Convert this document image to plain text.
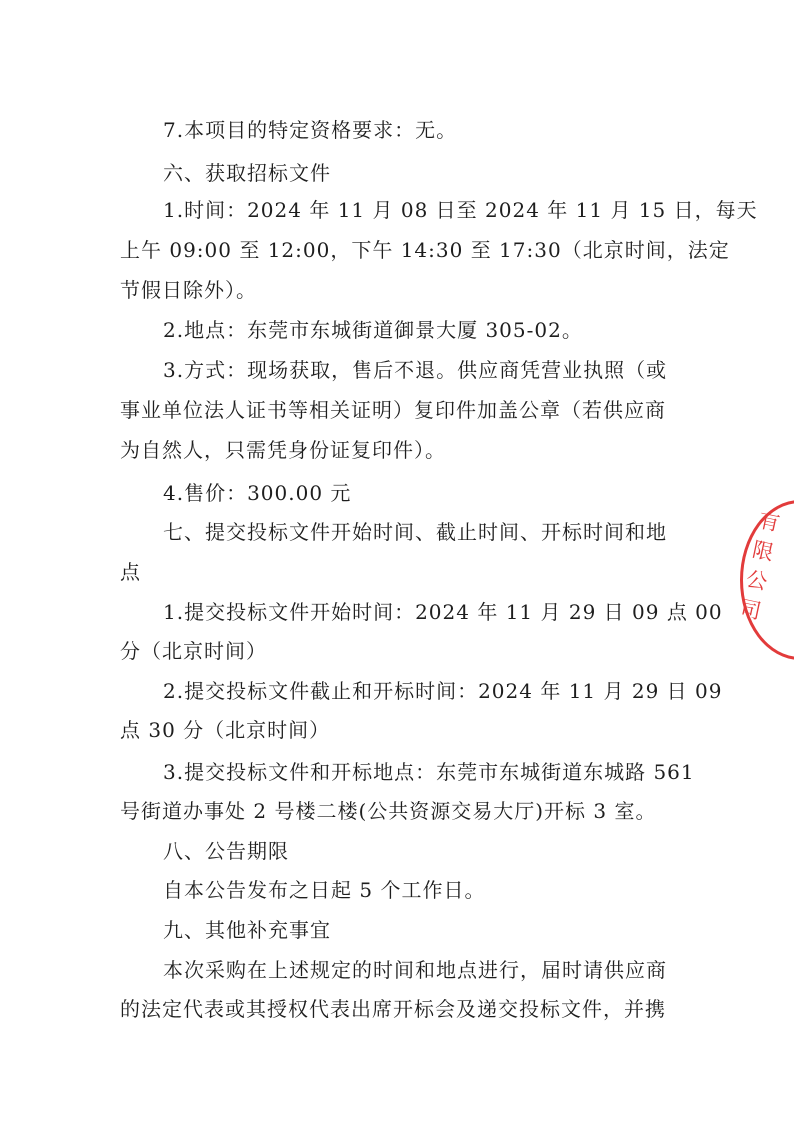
7.本项目的特定资格要求：无。
六、获取招标文件
1.时间：2024 年 11 月 08 日至 2024 年 11 月 15 日，每天
上午 09:00 至 12:00，下午 14:30 至 17:30（北京时间，法定
节假日除外）。
2.地点：东莞市东城街道御景大厦 305-02。
3.方式：现场获取，售后不退。供应商凭营业执照（或
事业单位法人证书等相关证明）复印件加盖公章（若供应商
为自然人，只需凭身份证复印件）。
4.售价：300.00 元
七、提交投标文件开始时间、截止时间、开标时间和地
点
1.提交投标文件开始时间：2024 年 11 月 29 日 09 点 00
分（北京时间）
2.提交投标文件截止和开标时间：2024 年 11 月 29 日 09
点 30 分（北京时间）
3.提交投标文件和开标地点：东莞市东城街道东城路 561
号街道办事处 2 号楼二楼(公共资源交易大厅)开标 3 室。
八、公告期限
自本公告发布之日起 5 个工作日。
九、其他补充事宜
本次采购在上述规定的时间和地点进行，届时请供应商
的法定代表或其授权代表出席开标会及递交投标文件，并携
有
限
公
司
